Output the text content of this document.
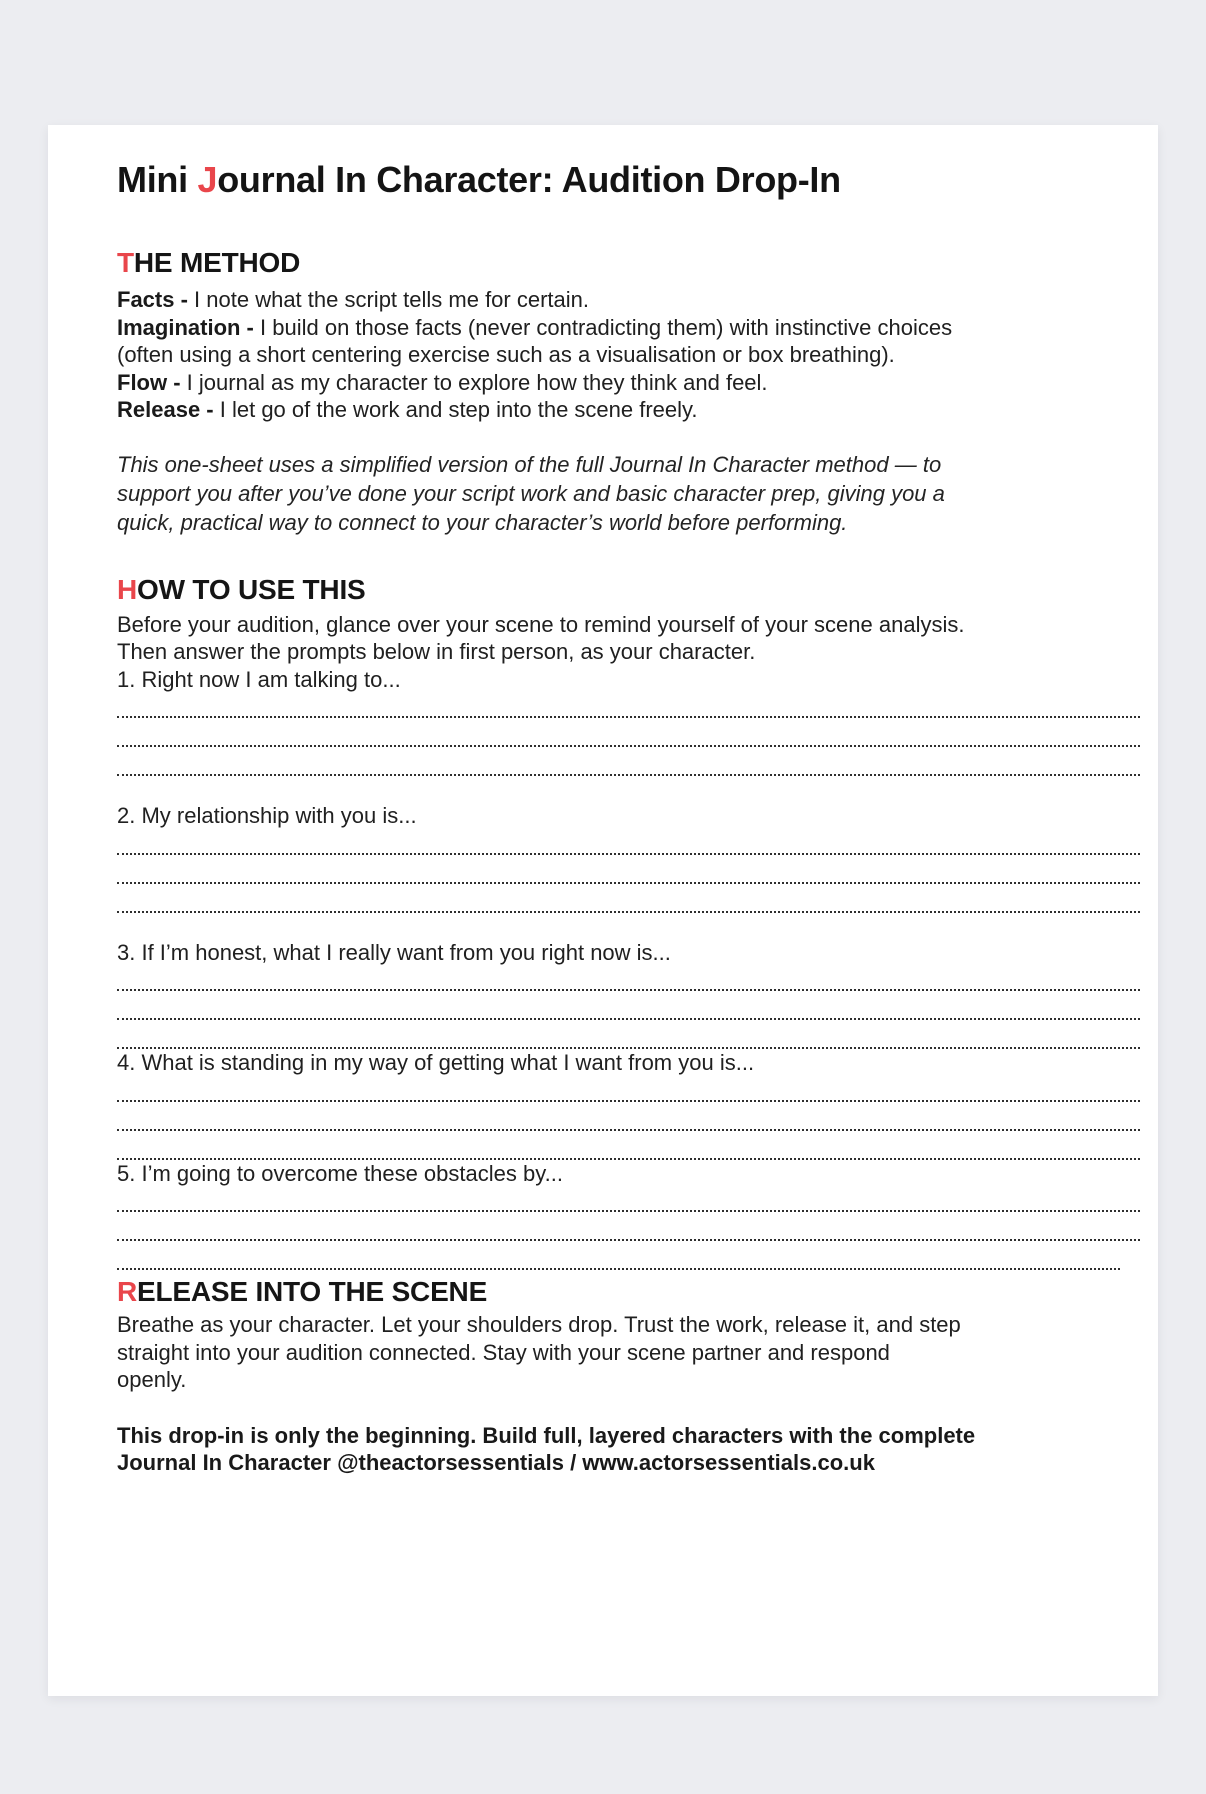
Mini Journal In Character: Audition Drop-In
THE METHOD
Facts - I note what the script tells me for certain.
Imagination - I build on those facts (never contradicting them) with instinctive choices
(often using a short centering exercise such as a visualisation or box breathing).
Flow - I journal as my character to explore how they think and feel.
Release - I let go of the work and step into the scene freely.
This one-sheet uses a simplified version of the full Journal In Character method — to
support you after you’ve done your script work and basic character prep, giving you a
quick, practical way to connect to your character’s world before performing.
HOW TO USE THIS
Before your audition, glance over your scene to remind yourself of your scene analysis.
Then answer the prompts below in first person, as your character.
1. Right now I am talking to...
2. My relationship with you is...
3. If I’m honest, what I really want from you right now is...
4. What is standing in my way of getting what I want from you is...
5. I’m going to overcome these obstacles by...
RELEASE INTO THE SCENE
Breathe as your character. Let your shoulders drop. Trust the work, release it, and step
straight into your audition connected. Stay with your scene partner and respond
openly.
This drop-in is only the beginning. Build full, layered characters with the complete
Journal In Character @theactorsessentials / www.actorsessentials.co.uk
